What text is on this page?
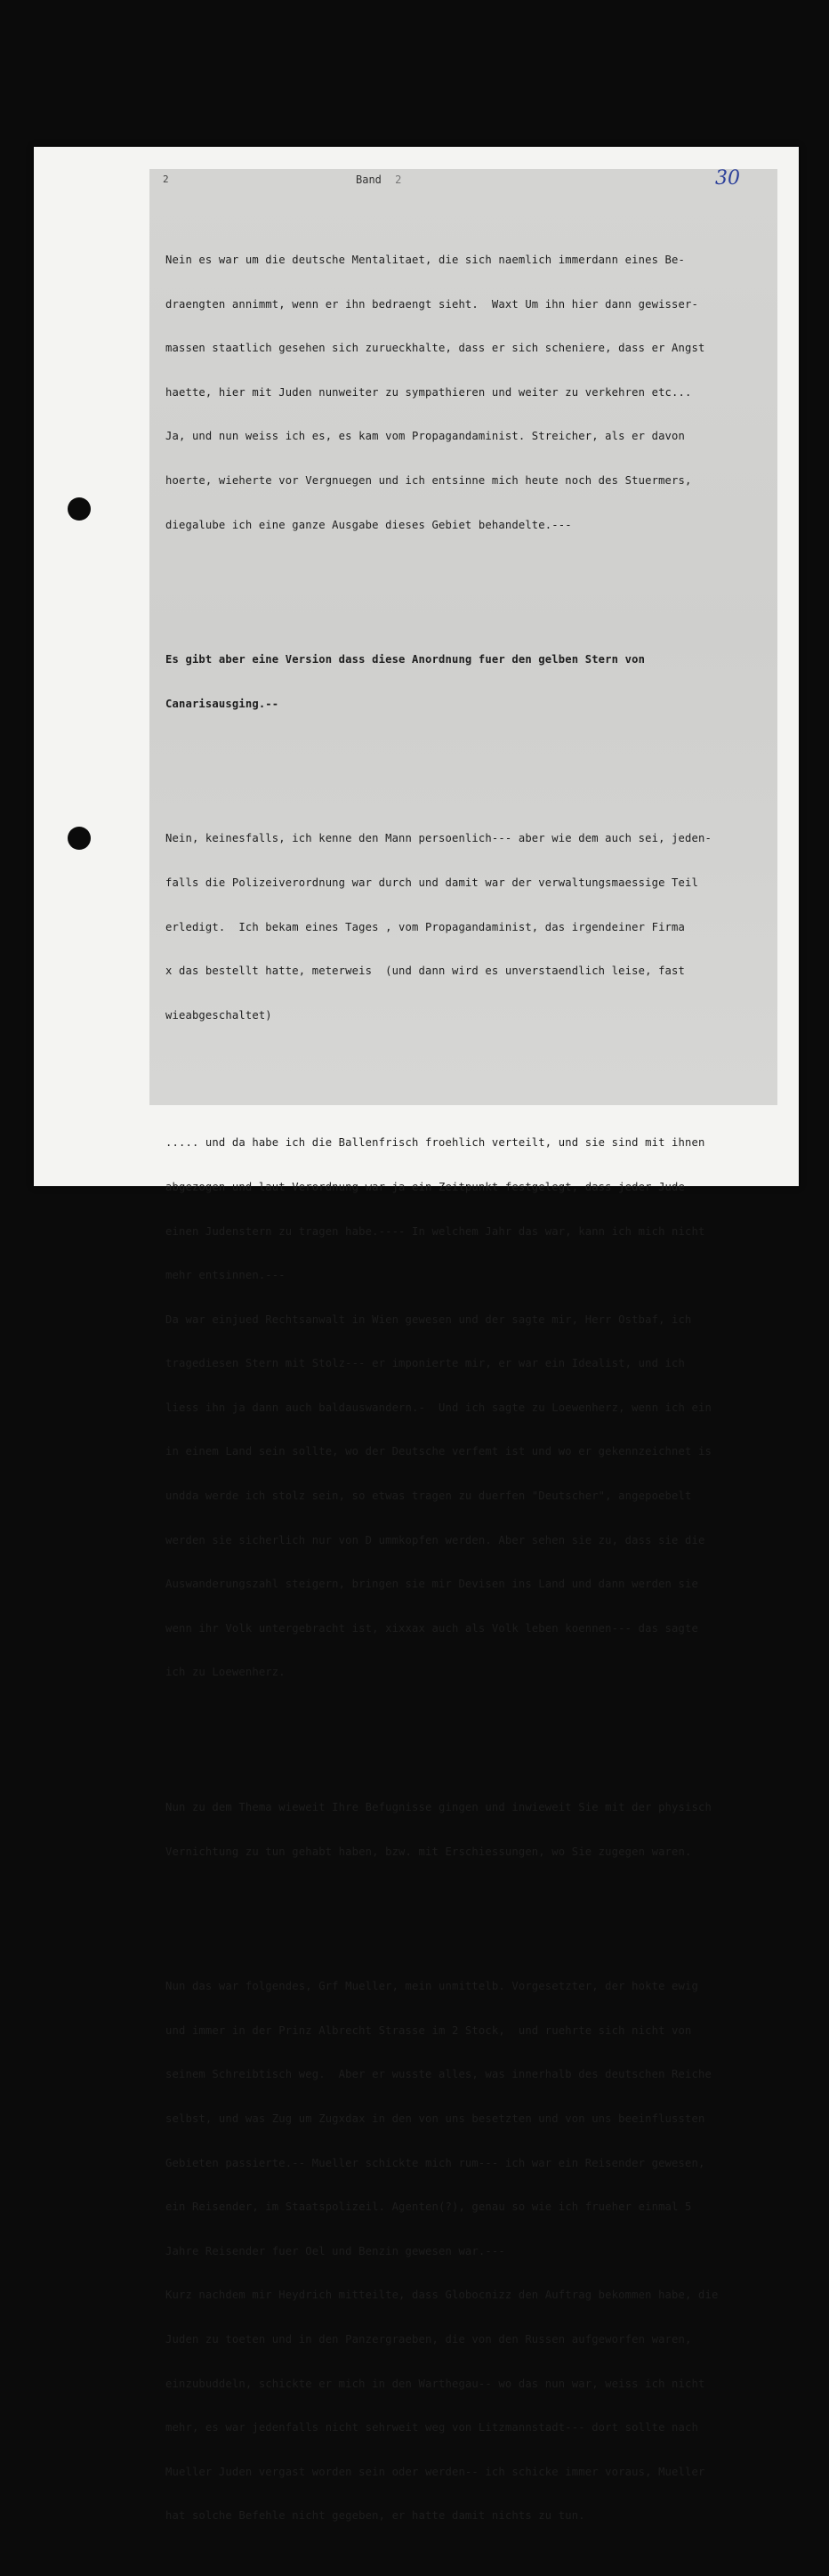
2	Band 2	30

Nein es war um die deutsche Mentalitaet, die sich naemlich immerdann eines Be-

draengten annimmt, wenn er ihn bedraengt sieht.  Waxt Um ihn hier dann gewisser-

massen staatlich gesehen sich zurueckhalte, dass er sich scheniere, dass er Angst

haette, hier mit Juden nunweiter zu sympathieren und weiter zu verkehren etc...

Ja, und nun weiss ich es, es kam vom Propagandaminist. Streicher, als er davon

hoerte, wieherte vor Vergnuegen und ich entsinne mich heute noch des Stuermers,

diegalube ich eine ganze Ausgabe dieses Gebiet behandelte.---

Es gibt aber eine Version dass diese Anordnung fuer den gelben Stern von

Canarisausging.--

Nein, keinesfalls, ich kenne den Mann persoenlich--- aber wie dem auch sei, jeden-

falls die Polizeiverordnung war durch und damit war der verwaltungsmaessige Teil

erledigt.  Ich bekam eines Tages , vom Propagandaminist, das irgendeiner Firma

x das bestellt hatte, meterweis  (und dann wird es unverstaendlich leise, fast

wieabgeschaltet)

..... und da habe ich die Ballenfrisch froehlich verteilt, und sie sind mit ihnen

abgezogen und laut Verordnung war ja ein Zeitpunkt festgelegt, dass jeder Jude

einen Judenstern zu tragen habe.---- In welchem Jahr das war, kann ich mich nicht

mehr entsinnen.---

Da war einjued Rechtsanwalt in Wien gewesen und der sagte mir, Herr Ostbaf, ich

tragediesen Stern mit Stolz--- er imponierte mir, er war ein Idealist, und ich

liess ihn ja dann auch baldauswandern.-  Und ich sagte zu Loewenherz, wenn ich ein

in einem Land sein sollte, wo der Deutsche verfemt ist und wo er gekennzeichnet is

undda werde ich stolz sein, so etwas tragen zu duerfen "Deutscher", angepoebelt

werden sie sicherlich nur von D ummkopfen werden. Aber sehen sie zu, dass sie die

Auswanderungszahl steigern, bringen sie mir Devisen ins Land und dann werden sie

wenn ihr Volk untergebracht ist, xixxax auch als Volk leben koennen--- das sagte

ich zu Loewenherz.

Nun zu dem Thema wieweit Ihre Befugnisse gingen und inwieweit Sie mit der physisch

Vernichtung zu tun gehabt haben, bzw. mit Erschiessungen, wo Sie zugegen waren.

Nun das war folgendes, Grf Mueller, mein unmittelb. Vorgesetzter, der hokte ewig

und immer in der Prinz Albrecht Strasse im 2 Stock,  und ruehrte sich nicht von

seinem Schreibtisch weg.  Aber er wusste alles, was innerhalb des deutschen Reiche

selbst, und was Zug um Zugxdax in den von uns besetzten und von uns beeinflussten

Gebieten passierte.-- Mueller schickte mich rum--- ich war ein Reisender gewesen,

ein Reisender, im Staatspolizeil. Agenten(?), genau so wie ich frueher einmal 5

Jahre Reisender fuer Oel und Benzin gewesen war.---

Kurz nachdem mir Heydrich mitteilte, dass Globocnizz den Auftrag bekommen habe, die

Juden zu toeten und in den Panzergraeben, die von den Russen aufgeworfen waren,

einzubuddeln, schickte er mich in den Warthegau-- wo das nun war, weiss ich nicht

mehr, es war jedenfalls nicht sehrweit weg von Litzmannstadt--- dort sollte nach

Mueller Juden vergast worden sein oder werden-- ich schicke immer voraus, Mueller

hat solche Befehle nicht gegeben, er hatte damit nichts zu tun.
